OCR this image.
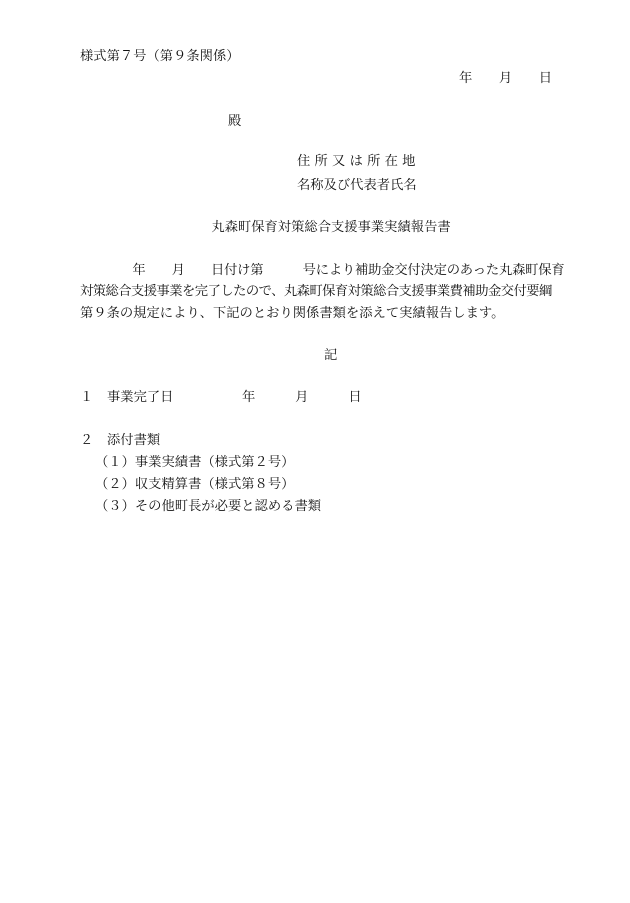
様式第７号（第９条関係）
年　　月　　日
殿
住 所 又 は 所 在 地
名称及び代表者氏名
丸森町保育対策総合支援事業実績報告書
　　　　年　　月　　日付け第　　　号により補助金交付決定のあった丸森町保育
対策総合支援事業を完了したので、丸森町保育対策総合支援事業費補助金交付要綱
第９条の規定により、下記のとおり関係書類を添えて実績報告します。
記
１ 事業完了日	年　　　月　　　日
２ 添付書類
（１）事業実績書（様式第２号）
（２）収支精算書（様式第８号）
（３）その他町長が必要と認める書類
